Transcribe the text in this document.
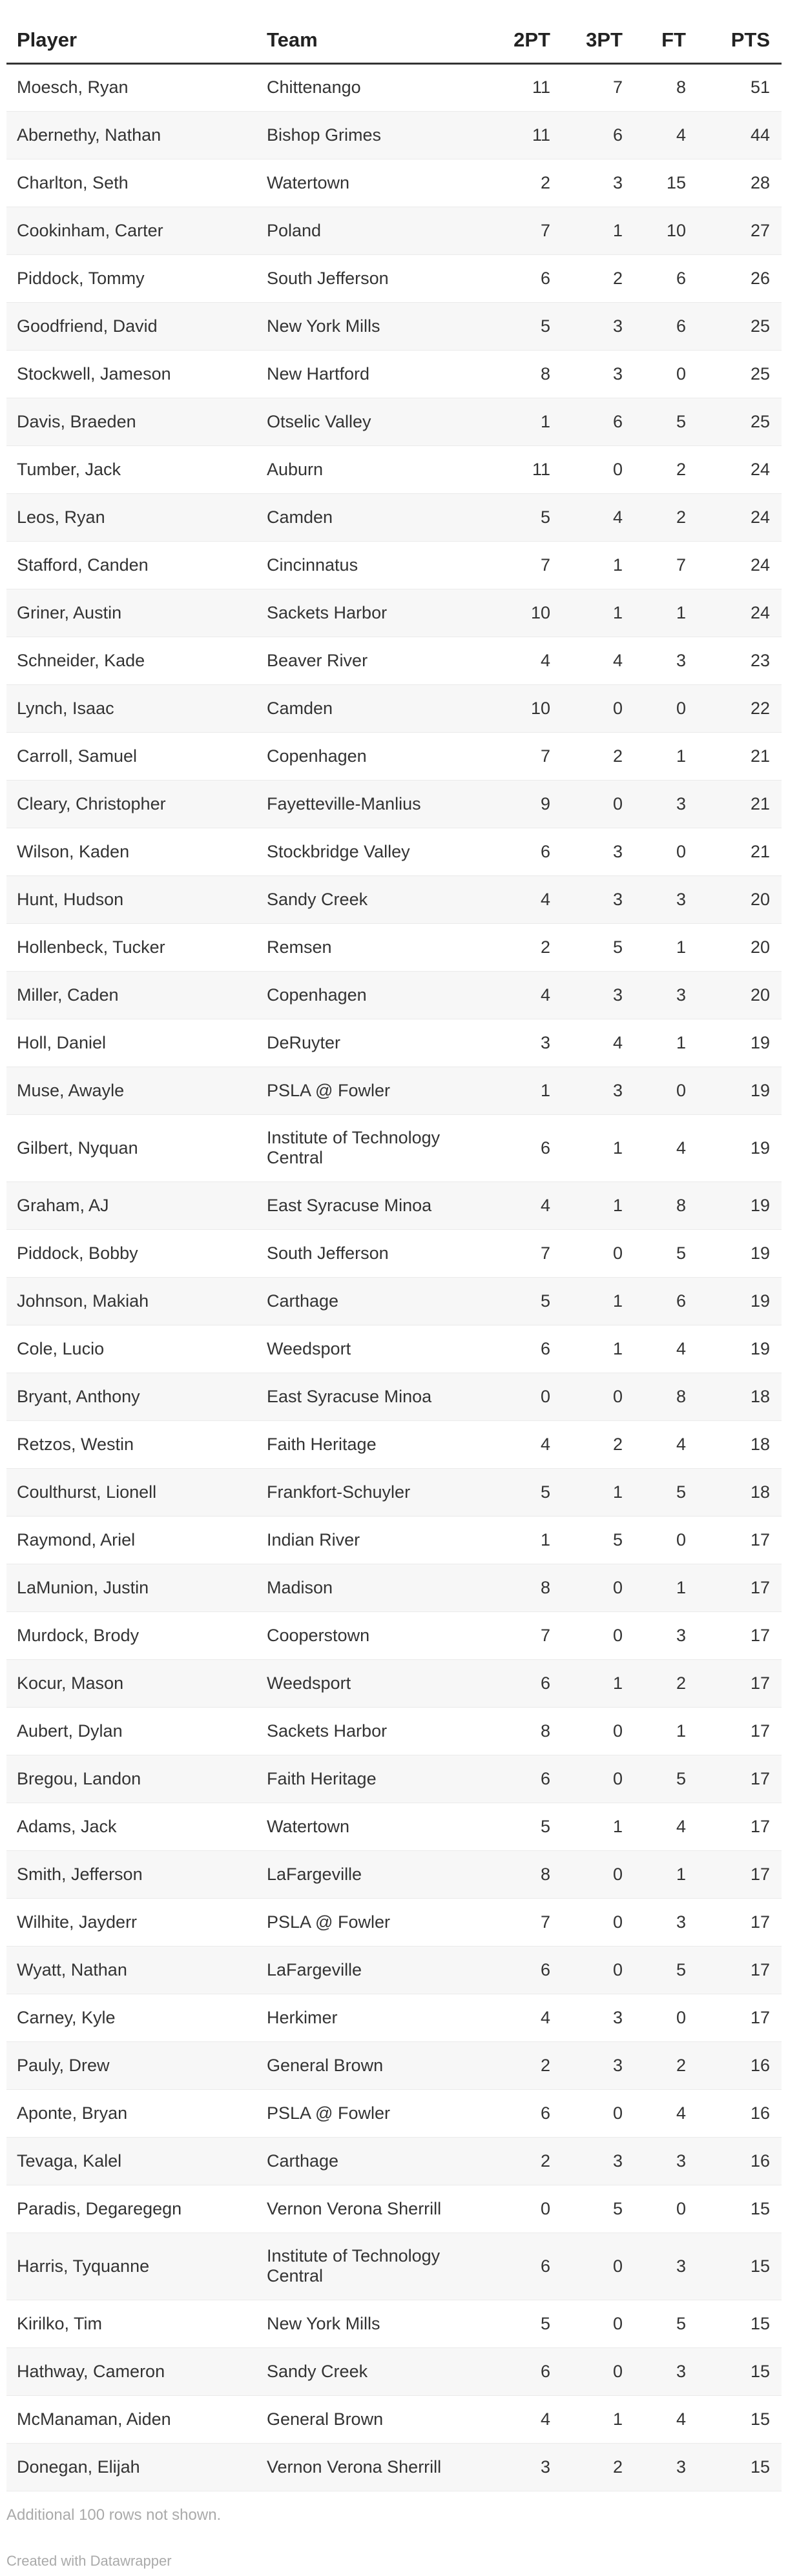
Player	Team	2PT	3PT	FT	PTS
Moesch, Ryan	Chittenango	11	7	8	51
Abernethy, Nathan	Bishop Grimes	11	6	4	44
Charlton, Seth	Watertown	2	3	15	28
Cookinham, Carter	Poland	7	1	10	27
Piddock, Tommy	South Jefferson	6	2	6	26
Goodfriend, David	New York Mills	5	3	6	25
Stockwell, Jameson	New Hartford	8	3	0	25
Davis, Braeden	Otselic Valley	1	6	5	25
Tumber, Jack	Auburn	11	0	2	24
Leos, Ryan	Camden	5	4	2	24
Stafford, Canden	Cincinnatus	7	1	7	24
Griner, Austin	Sackets Harbor	10	1	1	24
Schneider, Kade	Beaver River	4	4	3	23
Lynch, Isaac	Camden	10	0	0	22
Carroll, Samuel	Copenhagen	7	2	1	21
Cleary, Christopher	Fayetteville-Manlius	9	0	3	21
Wilson, Kaden	Stockbridge Valley	6	3	0	21
Hunt, Hudson	Sandy Creek	4	3	3	20
Hollenbeck, Tucker	Remsen	2	5	1	20
Miller, Caden	Copenhagen	4	3	3	20
Holl, Daniel	DeRuyter	3	4	1	19
Muse, Awayle	PSLA @ Fowler	1	3	0	19
Gilbert, Nyquan	Institute of Technology Central	6	1	4	19
Graham, AJ	East Syracuse Minoa	4	1	8	19
Piddock, Bobby	South Jefferson	7	0	5	19
Johnson, Makiah	Carthage	5	1	6	19
Cole, Lucio	Weedsport	6	1	4	19
Bryant, Anthony	East Syracuse Minoa	0	0	8	18
Retzos, Westin	Faith Heritage	4	2	4	18
Coulthurst, Lionell	Frankfort-Schuyler	5	1	5	18
Raymond, Ariel	Indian River	1	5	0	17
LaMunion, Justin	Madison	8	0	1	17
Murdock, Brody	Cooperstown	7	0	3	17
Kocur, Mason	Weedsport	6	1	2	17
Aubert, Dylan	Sackets Harbor	8	0	1	17
Bregou, Landon	Faith Heritage	6	0	5	17
Adams, Jack	Watertown	5	1	4	17
Smith, Jefferson	LaFargeville	8	0	1	17
Wilhite, Jayderr	PSLA @ Fowler	7	0	3	17
Wyatt, Nathan	LaFargeville	6	0	5	17
Carney, Kyle	Herkimer	4	3	0	17
Pauly, Drew	General Brown	2	3	2	16
Aponte, Bryan	PSLA @ Fowler	6	0	4	16
Tevaga, Kalel	Carthage	2	3	3	16
Paradis, Degaregegn	Vernon Verona Sherrill	0	5	0	15
Harris, Tyquanne	Institute of Technology Central	6	0	3	15
Kirilko, Tim	New York Mills	5	0	5	15
Hathway, Cameron	Sandy Creek	6	0	3	15
McManaman, Aiden	General Brown	4	1	4	15
Donegan, Elijah	Vernon Verona Sherrill	3	2	3	15
Additional 100 rows not shown.
Created with Datawrapper
